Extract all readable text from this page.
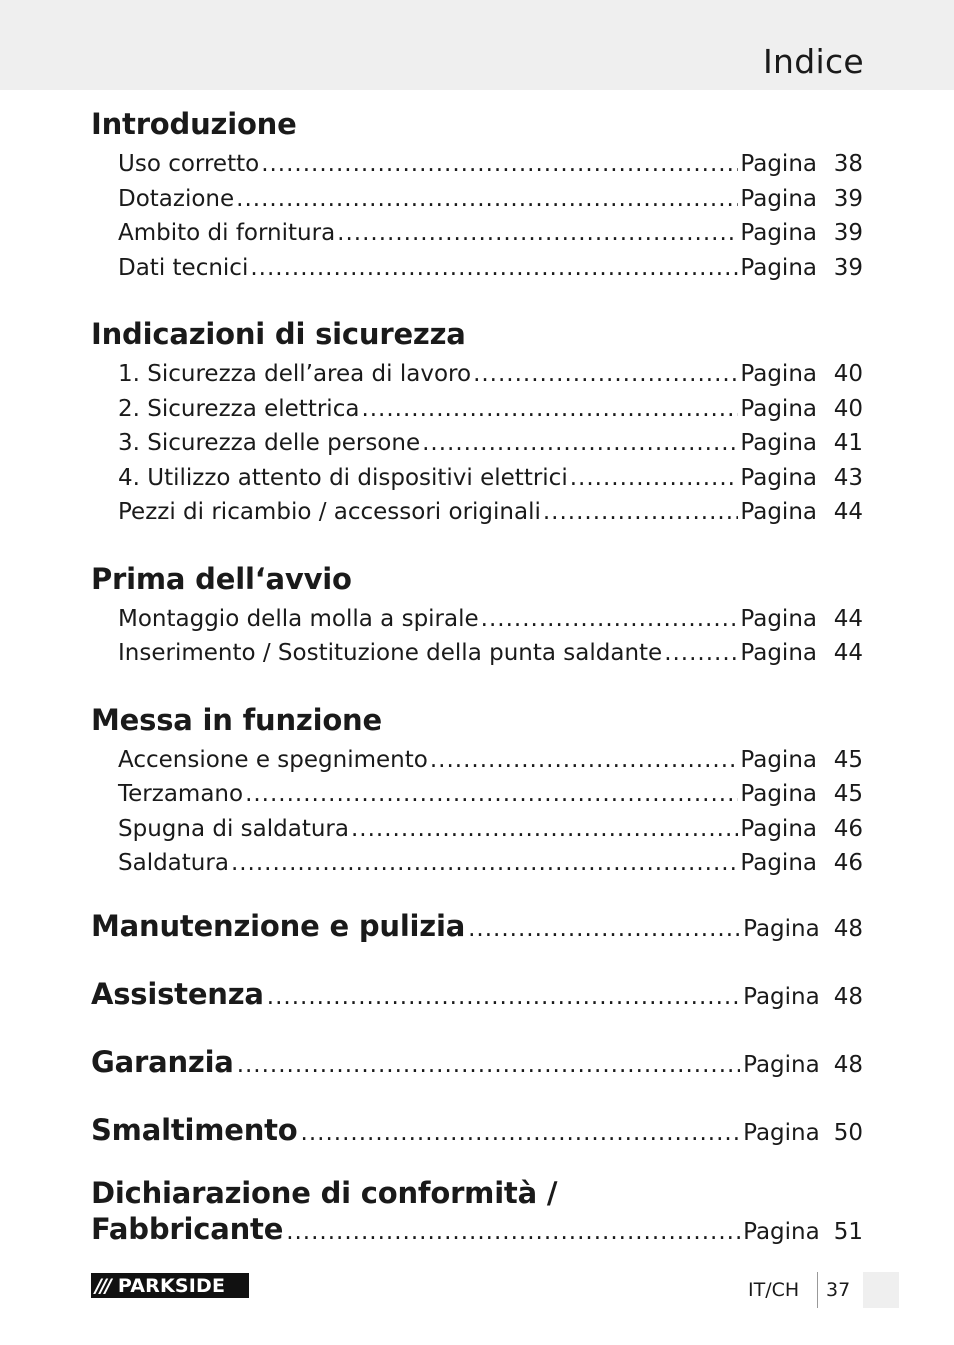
Indice
Introduzione
Uso corretto .....	Pagina 38
Dotazione .....	Pagina 39
Ambito di fornitura .....	Pagina 39
Dati tecnici .....	Pagina 39
Indicazioni di sicurezza
1. Sicurezza dell’area di lavoro .....	Pagina 40
2. Sicurezza elettrica .....	Pagina 40
3. Sicurezza delle persone .....	Pagina 41
4. Utilizzo attento di dispositivi elettrici .....	Pagina 43
Pezzi di ricambio / accessori originali .....	Pagina 44
Prima dell‘avvio
Montaggio della molla a spirale .....	Pagina 44
Inserimento / Sostituzione della punta saldante .....	Pagina 44
Messa in funzione
Accensione e spegnimento .....	Pagina 45
Terzamano .....	Pagina 45
Spugna di saldatura .....	Pagina 46
Saldatura .....	Pagina 46
Manutenzione e pulizia .....	Pagina 48
Assistenza .....	Pagina 48
Garanzia .....	Pagina 48
Smaltimento .....	Pagina 50
Dichiarazione di conformità /
Fabbricante .....	Pagina 51
/// PARKSIDE	IT/CH 37
